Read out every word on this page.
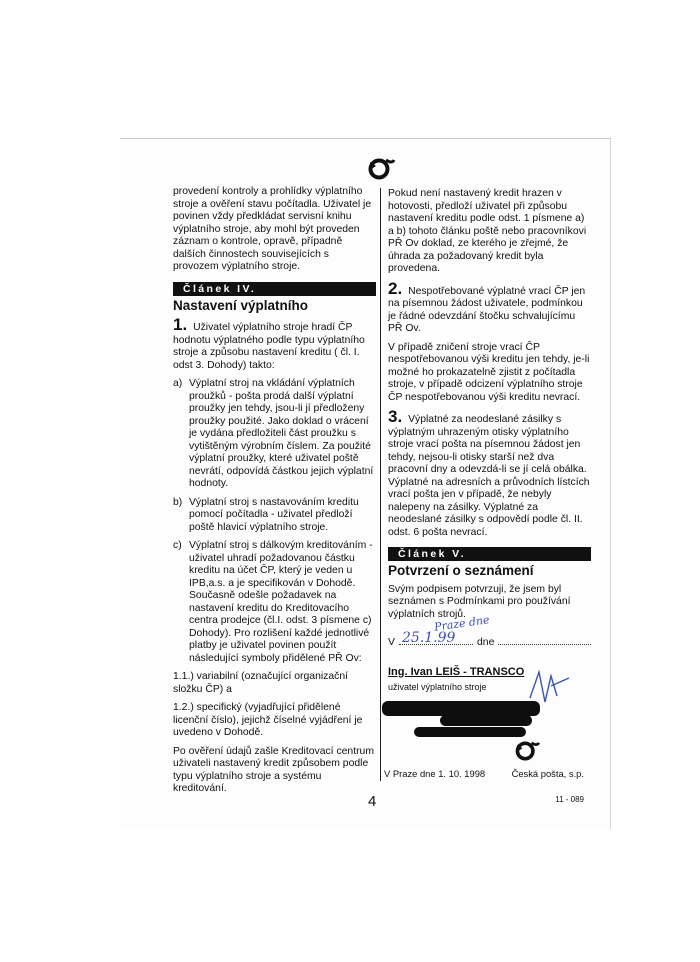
provedení kontroly a prohlídky výplatního stroje a ověření stavu počítadla. Uživatel je povinen vždy předkládat servisní knihu výplatního stroje, aby mohl být proveden záznam o kontrole, opravě, případně dalších činnostech souvisejících s provozem výplatního stroje.

Článek IV.
Nastavení výplatního

1. Uživatel výplatního stroje hradí ČP hodnotu výplatného podle typu výplatního stroje a způsobu nastavení kreditu ( čl. I. odst 3. Dohody) takto:

a) Výplatní stroj na vkládání výplatních proužků - pošta prodá další výplatní proužky jen tehdy, jsou-li jí předloženy proužky použité. Jako doklad o vrácení je vydána předložiteli část proužku s vytištěným výrobním číslem. Za použité výplatní proužky, které uživatel poště nevrátí, odpovídá částkou jejich výplatní hodnoty.
b) Výplatní stroj s nastavováním kreditu pomocí počítadla - uživatel předloží poště hlavicí výplatního stroje.
c) Výplatní stroj s dálkovým kreditováním - uživatel uhradí požadovanou částku kreditu na účet ČP, který je veden u IPB,a.s. a je specifikován v Dohodě. Současně odešle požadavek na nastavení kreditu do Kreditovacího centra prodejce (čl.I. odst. 3 písmene c) Dohody). Pro rozlišení každé jednotlivé platby je uživatel povinen použít následující symboly přidělené PŘ Ov:

1.1.) variabilní (označující organizační složku ČP) a

1.2.) specifický (vyjadřující přidělené licenční číslo), jejichž číselné vyjádření je uvedeno v Dohodě.

Po ověření údajů zašle Kreditovací centrum uživateli nastavený kredit způsobem podle typu výplatního stroje a systému kreditování.

Pokud není nastavený kredit hrazen v hotovosti, předloží uživatel při způsobu nastavení kreditu podle odst. 1 písmene a) a b) tohoto článku poště nebo pracovníkovi PŘ Ov doklad, ze kterého je zřejmé, že úhrada za požadovaný kredit byla provedena.

2. Nespotřebované výplatné vrací ČP jen na písemnou žádost uživatele, podmínkou je řádné odevzdání štočku schvalujícímu PŘ Ov.

V případě zničení stroje vrací ČP nespotřebovanou výši kreditu jen tehdy, je-li možné ho prokazatelně zjistit z počítadla stroje, v případě odcizení výplatního stroje ČP nespotřebovanou výši kreditu nevrací.

3. Výplatné za neodeslané zásilky s výplatným uhrazeným otisky výplatního stroje vrací pošta na písemnou žádost jen tehdy, nejsou-li otisky starší než dva pracovní dny a odevzdá-li se jí celá obálka. Výplatné na adresních a průvodních lístcích vrací pošta jen v případě, že nebyly nalepeny na zásilky. Výplatné za neodeslané zásilky s odpovědí podle čl. II. odst. 6 pošta nevrací.

Článek V.
Potvrzení o seznámení

Svým podpisem potvrzuji, že jsem byl seznámen s Podmínkami pro používání výplatních strojů.

V	dne
Ing. Ivan LEIŠ - TRANSCO
uživatel výplatního stroje
Praze dne
25.1.99
V Praze dne 1. 10. 1998	Česká pošta, s.p.
11 - 089
4
